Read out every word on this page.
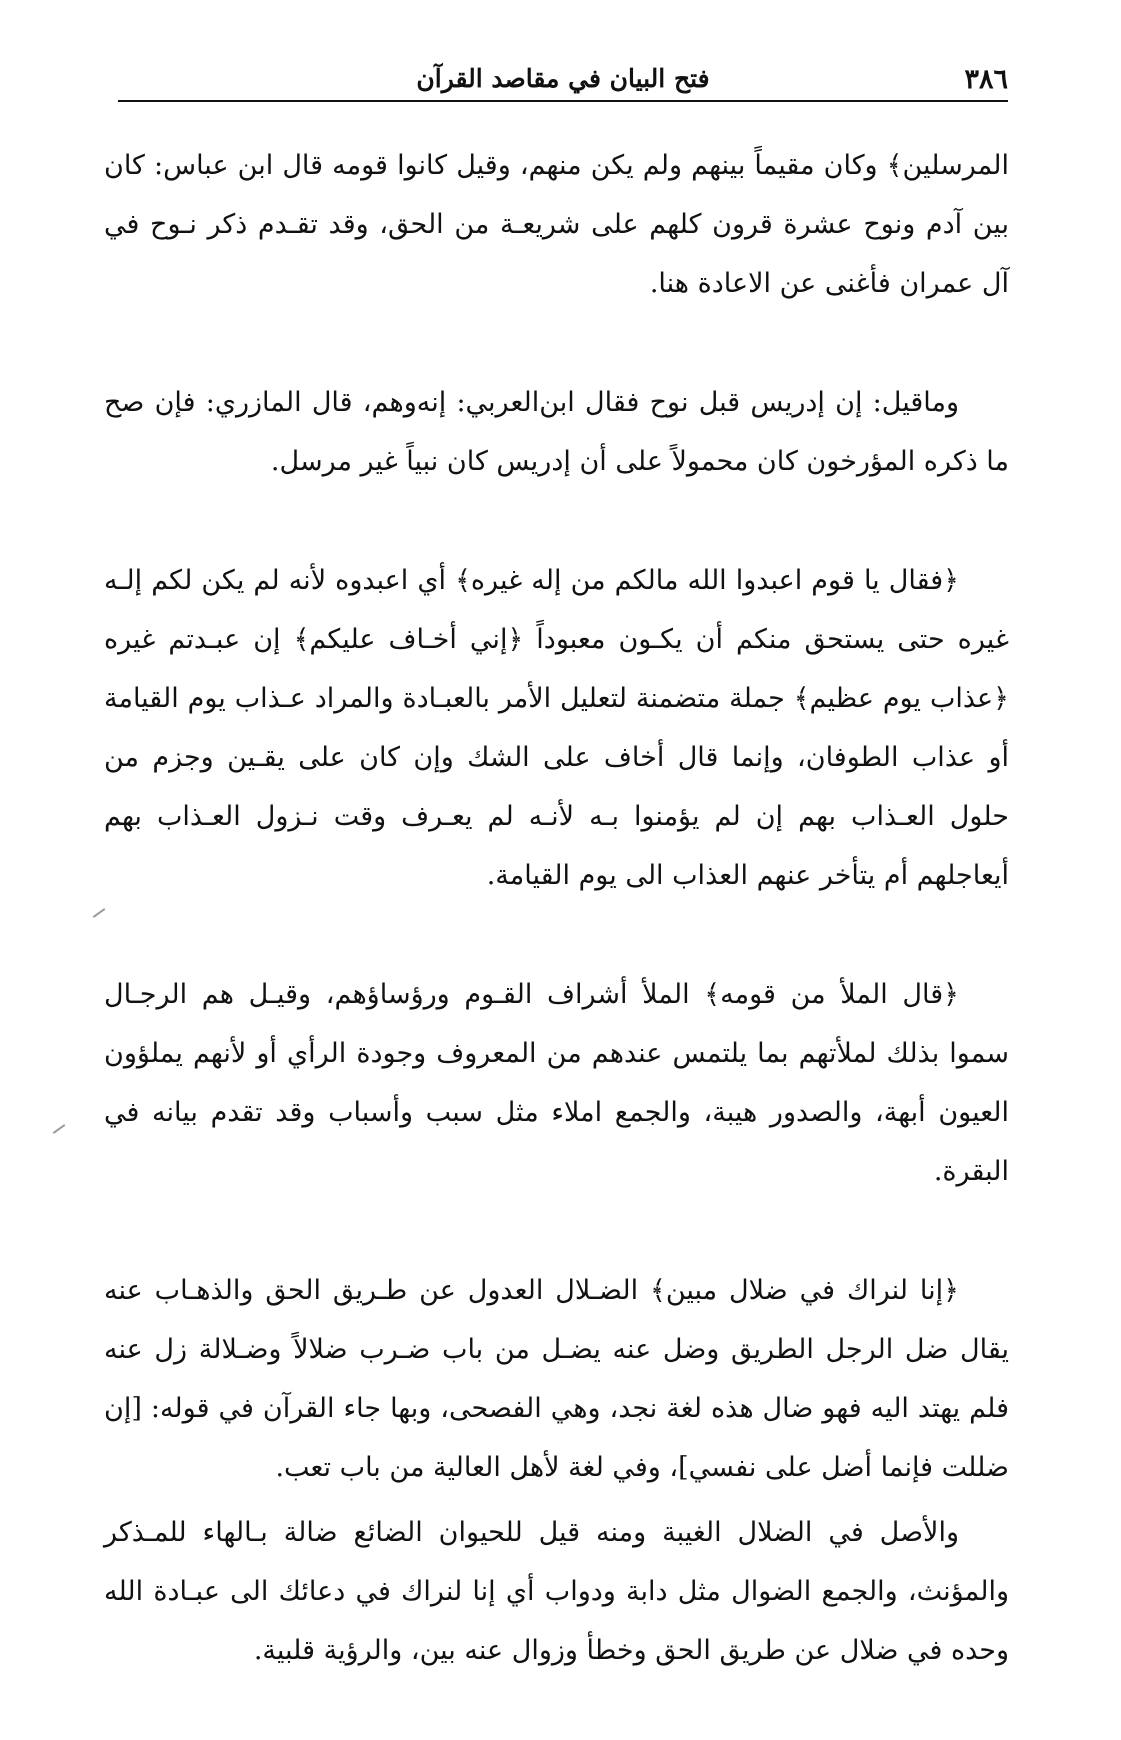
٣٨٦
فتح البيان في مقاصد القرآن

المرسلين﴾ وكان مقيماً بينهم ولم يكن منهم، وقيل كانوا قومه قال ابن عباس: كان بين آدم ونوح عشرة قرون كلهم على شريعـة من الحق، وقد تقـدم ذكر نـوح في آل عمران فأغنى عن الاعادة هنا.

وماقيل: إن إدريس قبل نوح فقال ابن‌العربي: إنه‌وهم، قال المازري: فإن صح ما ذكره المؤرخون كان محمولاً على أن إدريس كان نبياً غير مرسل.

﴿فقال يا قوم اعبدوا الله مالكم من إله غيره﴾ أي اعبدوه لأنه لم يكن لكم إلـه غيره حتى يستحق منكم أن يكـون معبوداً ﴿إني أخـاف عليكم﴾ إن عبـدتم غيره ﴿عذاب يوم عظيم﴾ جملة متضمنة لتعليل الأمر بالعبـادة والمراد عـذاب يوم القيامة أو عذاب الطوفان، وإنما قال أخاف على الشك وإن كان على يقـين وجزم من حلول العـذاب بهم إن لم يؤمنوا بـه لأنـه لم يعـرف وقت نـزول العـذاب بهم أيعاجلهم أم يتأخر عنهم العذاب الى يوم القيامة.

﴿قال الملأ من قومه﴾ الملأ أشراف القـوم ورؤساؤهم، وقيـل هم الرجـال سموا بذلك لملأتهم بما يلتمس عندهم من المعروف وجودة الرأي أو لأنهم يملؤون العيون أبهة، والصدور هيبة، والجمع املاء مثل سبب وأسباب وقد تقدم بيانه في البقرة.

﴿إنا لنراك في ضلال مبين﴾ الضـلال العدول عن طـريق الحق والذهـاب عنه يقال ضل الرجل الطريق وضل عنه يضـل من باب ضـرب ضلالاً وضـلالة زل عنه فلم يهتد اليه فهو ضال هذه لغة نجد، وهي الفصحى، وبها جاء القرآن في قوله: [إن ضللت فإنما أضل على نفسي]، وفي لغة لأهل العالية من باب تعب.

والأصل في الضلال الغيبة ومنه قيل للحيوان الضائع ضالة بـالهاء للمـذكر والمؤنث، والجمع الضوال مثل دابة ودواب أي إنا لنراك في دعائك الى عبـادة الله وحده في ضلال عن طريق الحق وخطأ وزوال عنه بين، والرؤية قلبية.
